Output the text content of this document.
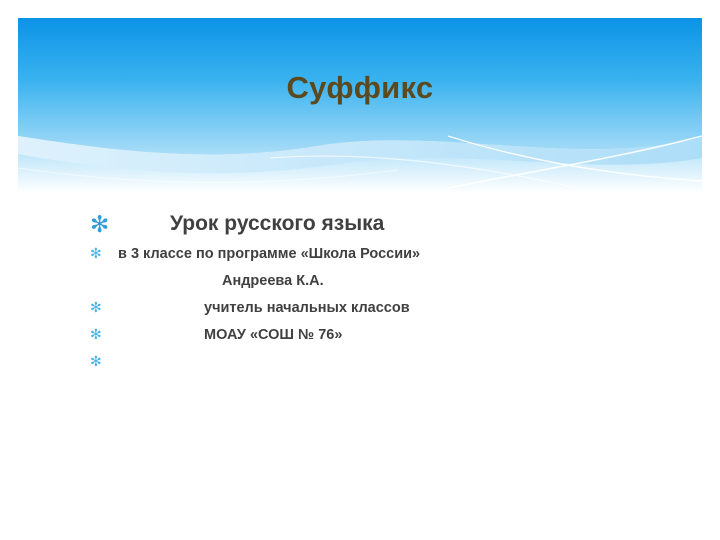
Суффикс
✻	Урок русского языка
✻	в 3 классе по программе «Школа России»
Андреева К.А.
✻	учитель начальных классов
✻	МОАУ «СОШ № 76»
✻
